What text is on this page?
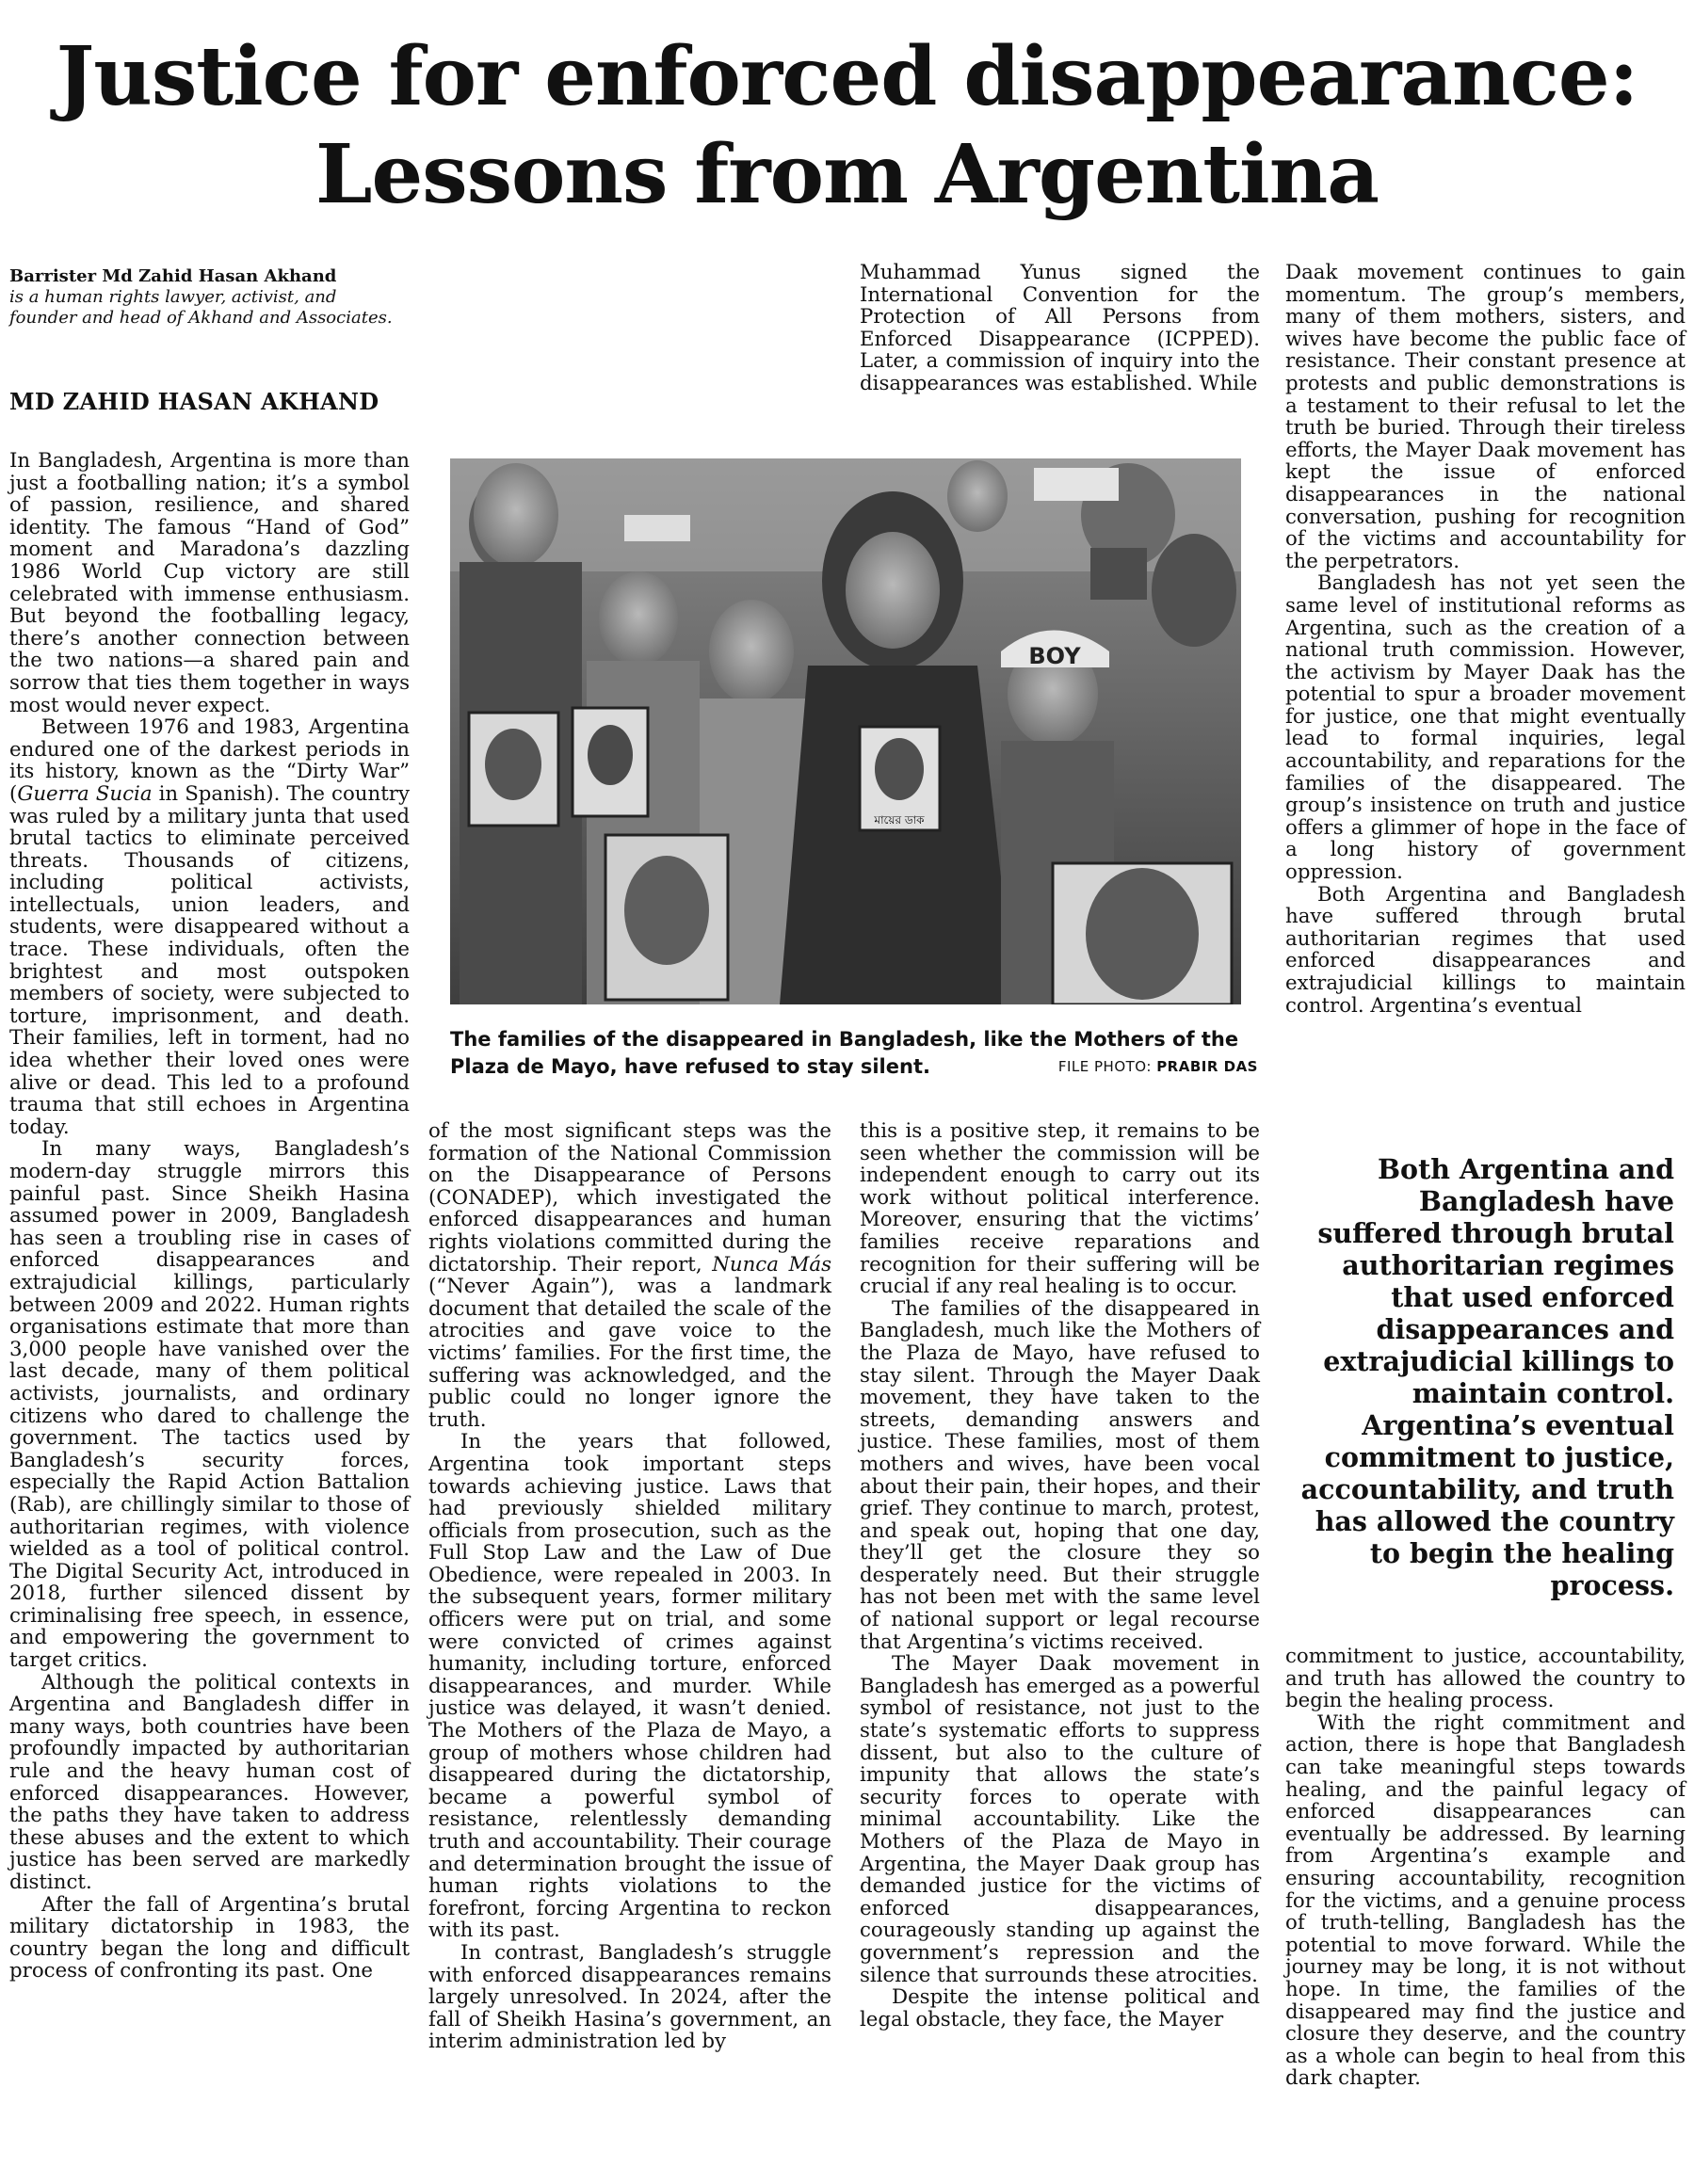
Justice for enforced disappearance:
Lessons from Argentina
Barrister Md Zahid Hasan Akhand
is a human rights lawyer, activist, and founder and head of Akhand and Associates.
MD ZAHID HASAN AKHAND

In Bangladesh, Argentina is more than just a footballing nation; it’s a symbol of passion, resilience, and shared identity. The famous “Hand of God” moment and Maradona’s dazzling 1986 World Cup victory are still celebrated with immense enthusiasm. But beyond the footballing legacy, there’s another connection between the two nations—a shared pain and sorrow that ties them together in ways most would never expect.

Between 1976 and 1983, Argentina endured one of the darkest periods in its history, known as the “Dirty War” (Guerra Sucia in Spanish). The country was ruled by a military junta that used brutal tactics to eliminate perceived threats. Thousands of citizens, including political activists, intellectuals, union leaders, and students, were disappeared without a trace. These individuals, often the brightest and most outspoken members of society, were subjected to torture, imprisonment, and death. Their families, left in torment, had no idea whether their loved ones were alive or dead. This led to a profound trauma that still echoes in Argentina today.

In many ways, Bangladesh’s modern-day struggle mirrors this painful past. Since Sheikh Hasina assumed power in 2009, Bangladesh has seen a troubling rise in cases of enforced disappearances and extrajudicial killings, particularly between 2009 and 2022. Human rights organisations estimate that more than 3,000 people have vanished over the last decade, many of them political activists, journalists, and ordinary citizens who dared to challenge the government. The tactics used by Bangladesh’s security forces, especially the Rapid Action Battalion (Rab), are chillingly similar to those of authoritarian regimes, with violence wielded as a tool of political control. The Digital Security Act, introduced in 2018, further silenced dissent by criminalising free speech, in essence, and empowering the government to target critics.

Although the political contexts in Argentina and Bangladesh differ in many ways, both countries have been profoundly impacted by authoritarian rule and the heavy human cost of enforced disappearances. However, the paths they have taken to address these abuses and the extent to which justice has been served are markedly distinct.

After the fall of Argentina’s brutal military dictatorship in 1983, the country began the long and difficult process of confronting its past. One

Muhammad Yunus signed the International Convention for the Protection of All Persons from Enforced Disappearance (ICPPED). Later, a commission of inquiry into the disappearances was established. While

BOY
মায়ের ডাক
The families of the disappeared in Bangladesh, like the Mothers of the Plaza de Mayo, have refused to stay silent.	FILE PHOTO: PRABIR DAS

Daak movement continues to gain momentum. The group’s members, many of them mothers, sisters, and wives have become the public face of resistance. Their constant presence at protests and public demonstrations is a testament to their refusal to let the truth be buried. Through their tireless efforts, the Mayer Daak movement has kept the issue of enforced disappearances in the national conversation, pushing for recognition of the victims and accountability for the perpetrators.

Bangladesh has not yet seen the same level of institutional reforms as Argentina, such as the creation of a national truth commission. However, the activism by Mayer Daak has the potential to spur a broader movement for justice, one that might eventually lead to formal inquiries, legal accountability, and reparations for the families of the disappeared. The group’s insistence on truth and justice offers a glimmer of hope in the face of a long history of government oppression.

Both Argentina and Bangladesh have suffered through brutal authoritarian regimes that used enforced disappearances and extrajudicial killings to maintain control. Argentina’s eventual

Both Argentina and Bangladesh have suffered through brutal authoritarian regimes that used enforced disappearances and extrajudicial killings to maintain control. Argentina’s eventual commitment to justice, accountability, and truth has allowed the country to begin the healing process.

of the most significant steps was the formation of the National Commission on the Disappearance of Persons (CONADEP), which investigated the enforced disappearances and human rights violations committed during the dictatorship. Their report, Nunca Más (“Never Again”), was a landmark document that detailed the scale of the atrocities and gave voice to the victims’ families. For the first time, the suffering was acknowledged, and the public could no longer ignore the truth.

In the years that followed, Argentina took important steps towards achieving justice. Laws that had previously shielded military officials from prosecution, such as the Full Stop Law and the Law of Due Obedience, were repealed in 2003. In the subsequent years, former military officers were put on trial, and some were convicted of crimes against humanity, including torture, enforced disappearances, and murder. While justice was delayed, it wasn’t denied. The Mothers of the Plaza de Mayo, a group of mothers whose children had disappeared during the dictatorship, became a powerful symbol of resistance, relentlessly demanding truth and accountability. Their courage and determination brought the issue of human rights violations to the forefront, forcing Argentina to reckon with its past.

In contrast, Bangladesh’s struggle with enforced disappearances remains largely unresolved. In 2024, after the fall of Sheikh Hasina’s government, an interim administration led by

this is a positive step, it remains to be seen whether the commission will be independent enough to carry out its work without political interference. Moreover, ensuring that the victims’ families receive reparations and recognition for their suffering will be crucial if any real healing is to occur.

The families of the disappeared in Bangladesh, much like the Mothers of the Plaza de Mayo, have refused to stay silent. Through the Mayer Daak movement, they have taken to the streets, demanding answers and justice. These families, most of them mothers and wives, have been vocal about their pain, their hopes, and their grief. They continue to march, protest, and speak out, hoping that one day, they’ll get the closure they so desperately need. But their struggle has not been met with the same level of national support or legal recourse that Argentina’s victims received.

The Mayer Daak movement in Bangladesh has emerged as a powerful symbol of resistance, not just to the state’s systematic efforts to suppress dissent, but also to the culture of impunity that allows the state’s security forces to operate with minimal accountability. Like the Mothers of the Plaza de Mayo in Argentina, the Mayer Daak group has demanded justice for the victims of enforced disappearances, courageously standing up against the government’s repression and the silence that surrounds these atrocities.

Despite the intense political and legal obstacle, they face, the Mayer

commitment to justice, accountability, and truth has allowed the country to begin the healing process.

With the right commitment and action, there is hope that Bangladesh can take meaningful steps towards healing, and the painful legacy of enforced disappearances can eventually be addressed. By learning from Argentina’s example and ensuring accountability, recognition for the victims, and a genuine process of truth-telling, Bangladesh has the potential to move forward. While the journey may be long, it is not without hope. In time, the families of the disappeared may find the justice and closure they deserve, and the country as a whole can begin to heal from this dark chapter.
